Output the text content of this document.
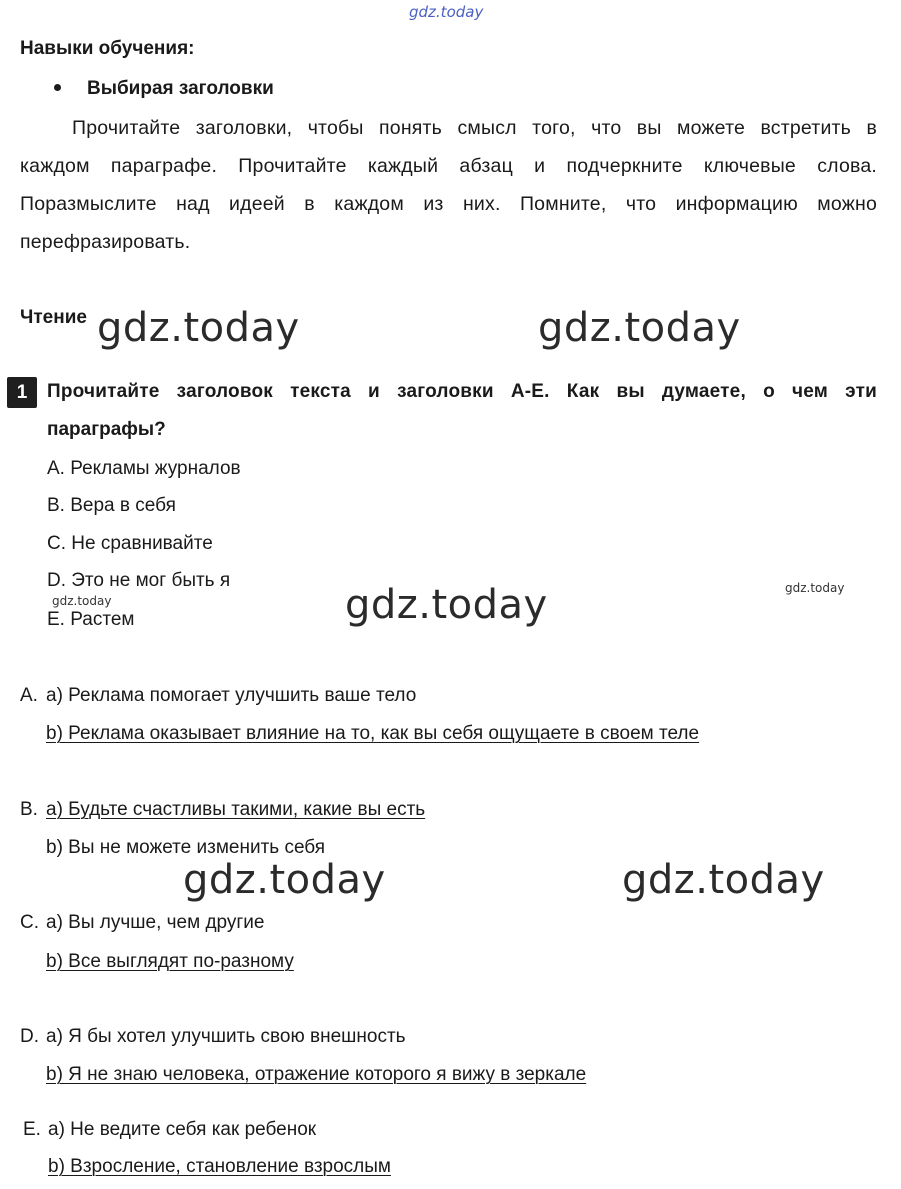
gdz.today
Навыки обучения:
Выбирая заголовки
Прочитайте заголовки, чтобы понять смысл того, что вы можете встретить в
каждом параграфе. Прочитайте каждый абзац и подчеркните ключевые слова.
Поразмыслите над идеей в каждом из них. Помните, что информацию можно
перефразировать.
Чтение gdz.today	gdz.today
1	Прочитайте заголовок текста и заголовки A-E. Как вы думаете, о чем эти
параграфы?
A. Рекламы журналов
B. Вера в себя
C. Не сравнивайте
D. Это не мог быть я
E. Растем
gdz.today
gdz.today
gdz.today
A. a) Реклама помогает улучшить ваше тело
b) Реклама оказывает влияние на то, как вы себя ощущаете в своем теле
B. a) Будьте счастливы такими, какие вы есть
b) Вы не можете изменить себя
gdz.today	gdz.today
C. a) Вы лучше, чем другие
b) Все выглядят по-разному
D. a) Я бы хотел улучшить свою внешность
b) Я не знаю человека, отражение которого я вижу в зеркале
E. a) Не ведите себя как ребенок
b) Взросление, становление взрослым
